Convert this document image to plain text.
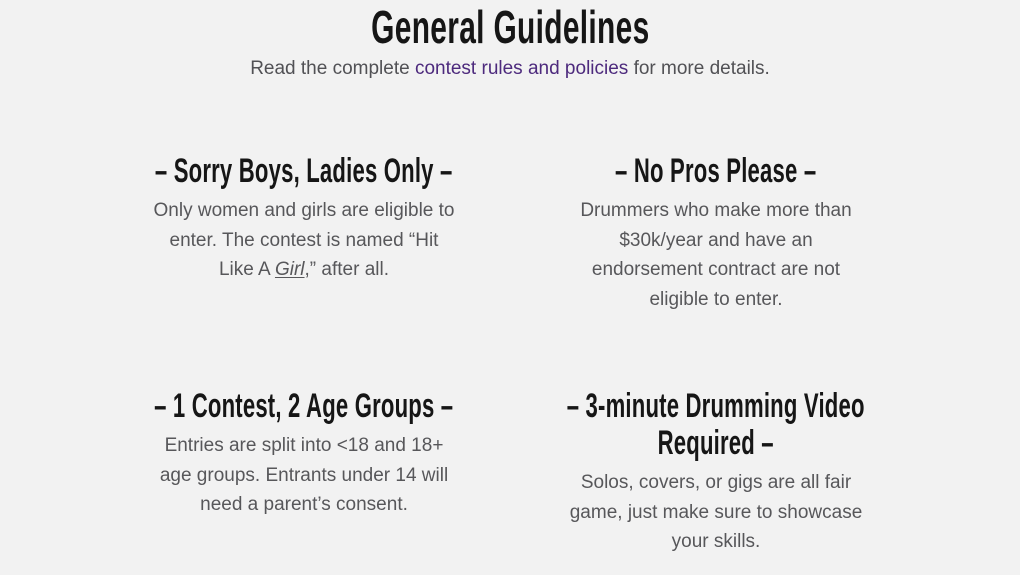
General Guidelines

Read the complete contest rules and policies for more details.

– Sorry Boys, Ladies Only –

Only women and girls are eligible to
enter. The contest is named “Hit
Like A Girl,” after all.

– No Pros Please –

Drummers who make more than
$30k/year and have an
endorsement contract are not
eligible to enter.

– 1 Contest, 2 Age Groups –

Entries are split into <18 and 18+
age groups. Entrants under 14 will
need a parent’s consent.

– 3-minute Drumming Video
Required –

Solos, covers, or gigs are all fair
game, just make sure to showcase
your skills.
